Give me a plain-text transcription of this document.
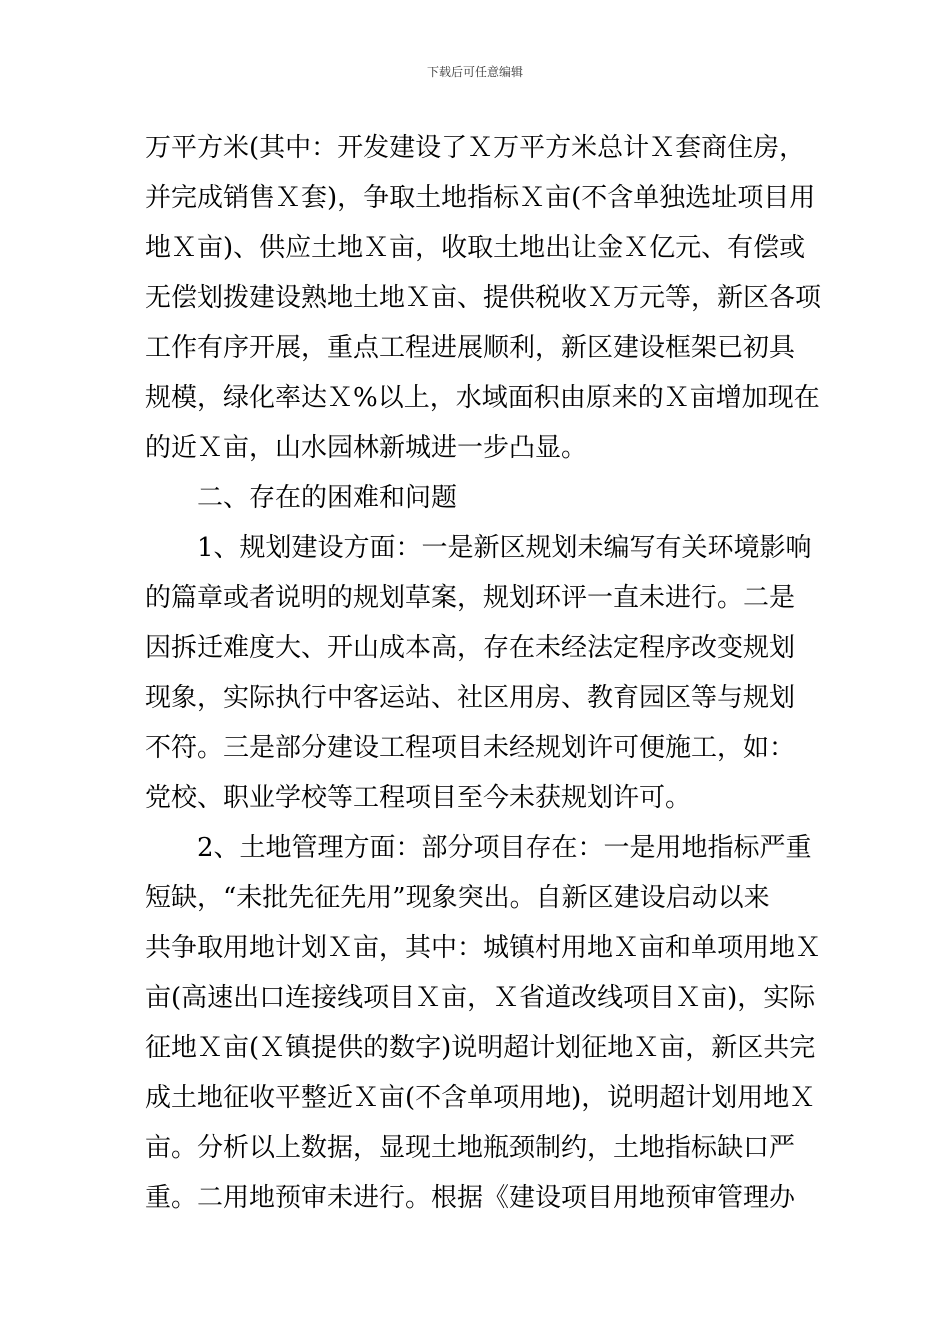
下载后可任意编辑
万平方米(其中：开发建设了Ｘ万平方米总计Ｘ套商住房，
并完成销售Ｘ套)，争取土地指标Ｘ亩(不含单独选址项目用
地Ｘ亩)、供应土地Ｘ亩，收取土地出让金Ｘ亿元、有偿或
无偿划拨建设熟地土地Ｘ亩、提供税收Ｘ万元等，新区各项
工作有序开展，重点工程进展顺利，新区建设框架已初具
规模，绿化率达Ｘ%以上，水域面积由原来的Ｘ亩增加现在
的近Ｘ亩，山水园林新城进一步凸显。
二、存在的困难和问题
1、规划建设方面：一是新区规划未编写有关环境影响
的篇章或者说明的规划草案，规划环评一直未进行。二是
因拆迁难度大、开山成本高，存在未经法定程序改变规划
现象，实际执行中客运站、社区用房、教育园区等与规划
不符。三是部分建设工程项目未经规划许可便施工，如：
党校、职业学校等工程项目至今未获规划许可。
2、土地管理方面：部分项目存在：一是用地指标严重
短缺，“未批先征先用”现象突出。自新区建设启动以来
共争取用地计划Ｘ亩，其中：城镇村用地Ｘ亩和单项用地Ｘ
亩(高速出口连接线项目Ｘ亩，Ｘ省道改线项目Ｘ亩)，实际
征地Ｘ亩(Ｘ镇提供的数字)说明超计划征地Ｘ亩，新区共完
成土地征收平整近Ｘ亩(不含单项用地)，说明超计划用地Ｘ
亩。分析以上数据，显现土地瓶颈制约，土地指标缺口严
重。二用地预审未进行。根据《建设项目用地预审管理办
